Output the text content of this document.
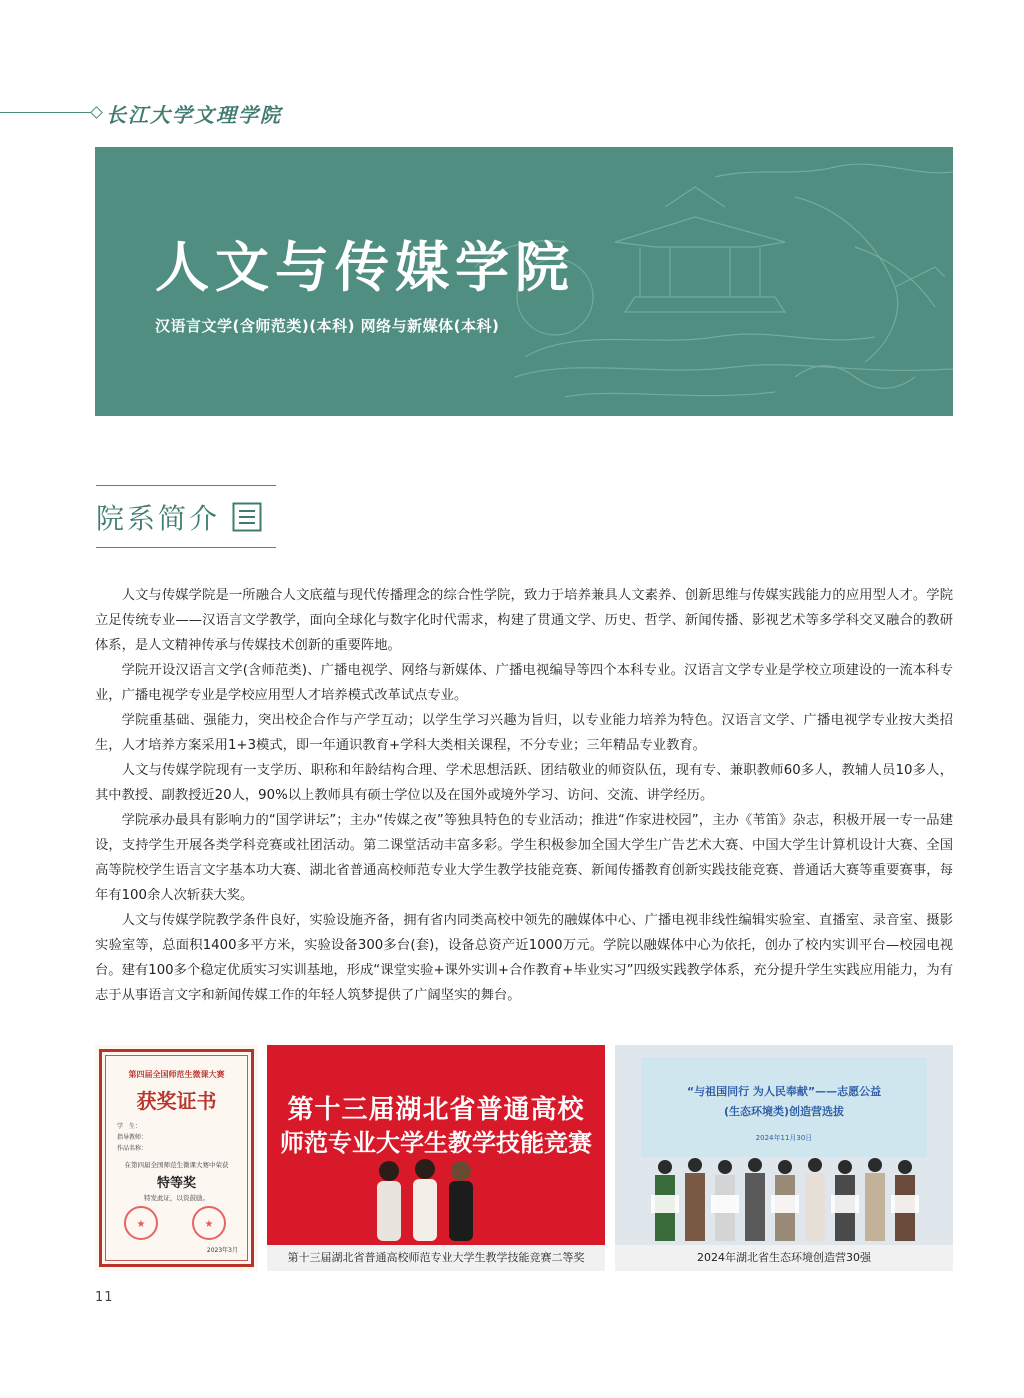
长江大学文理学院
人文与传媒学院
汉语言文学(含师范类)(本科) 网络与新媒体(本科)
院系简介

人文与传媒学院是一所融合人文底蕴与现代传播理念的综合性学院，致力于培养兼具人文素养、创新思维与传媒实践能力的应用型人才。学院立足传统专业——汉语言文学教学，面向全球化与数字化时代需求，构建了贯通文学、历史、哲学、新闻传播、影视艺术等多学科交叉融合的教研体系，是人文精神传承与传媒技术创新的重要阵地。

学院开设汉语言文学(含师范类)、广播电视学、网络与新媒体、广播电视编导等四个本科专业。汉语言文学专业是学校立项建设的一流本科专业，广播电视学专业是学校应用型人才培养模式改革试点专业。

学院重基础、强能力，突出校企合作与产学互动；以学生学习兴趣为旨归，以专业能力培养为特色。汉语言文学、广播电视学专业按大类招生，人才培养方案采用1+3模式，即一年通识教育+学科大类相关课程，不分专业；三年精品专业教育。

人文与传媒学院现有一支学历、职称和年龄结构合理、学术思想活跃、团结敬业的师资队伍，现有专、兼职教师60多人，教辅人员10多人，其中教授、副教授近20人，90%以上教师具有硕士学位以及在国外或境外学习、访问、交流、讲学经历。

学院承办最具有影响力的“国学讲坛”；主办“传媒之夜”等独具特色的专业活动；推进“作家进校园”，主办《苇笛》杂志，积极开展一专一品建设，支持学生开展各类学科竞赛或社团活动。第二课堂活动丰富多彩。学生积极参加全国大学生广告艺术大赛、中国大学生计算机设计大赛、全国高等院校学生语言文字基本功大赛、湖北省普通高校师范专业大学生教学技能竞赛、新闻传播教育创新实践技能竞赛、普通话大赛等重要赛事，每年有100余人次斩获大奖。

人文与传媒学院教学条件良好，实验设施齐备，拥有省内同类高校中领先的融媒体中心、广播电视非线性编辑实验室、直播室、录音室、摄影实验室等，总面积1400多平方米，实验设备300多台(套)，设备总资产近1000万元。学院以融媒体中心为依托，创办了校内实训平台—校园电视台。建有100多个稳定优质实习实训基地，形成“课堂实验+课外实训+合作教育+毕业实习”四级实践教学体系，充分提升学生实践应用能力，为有志于从事语言文字和新闻传媒工作的年轻人筑梦提供了广阔坚实的舞台。

第四届全国师范生微课大赛
获奖证书
学　生：
指导教师：
作品名称：
在第四届全国师范生微课大赛中荣获
特等奖
特发此证，以资鼓励。
★	★
2023年3月
第十三届湖北省普通高校
师范专业大学生教学技能竞赛
第十三届湖北省普通高校师范专业大学生教学技能竞赛二等奖
“与祖国同行 为人民奉献”——志愿公益
(生态环境类)创造营选拔
2024年11月30日
2024年湖北省生态环境创造营30强
11
